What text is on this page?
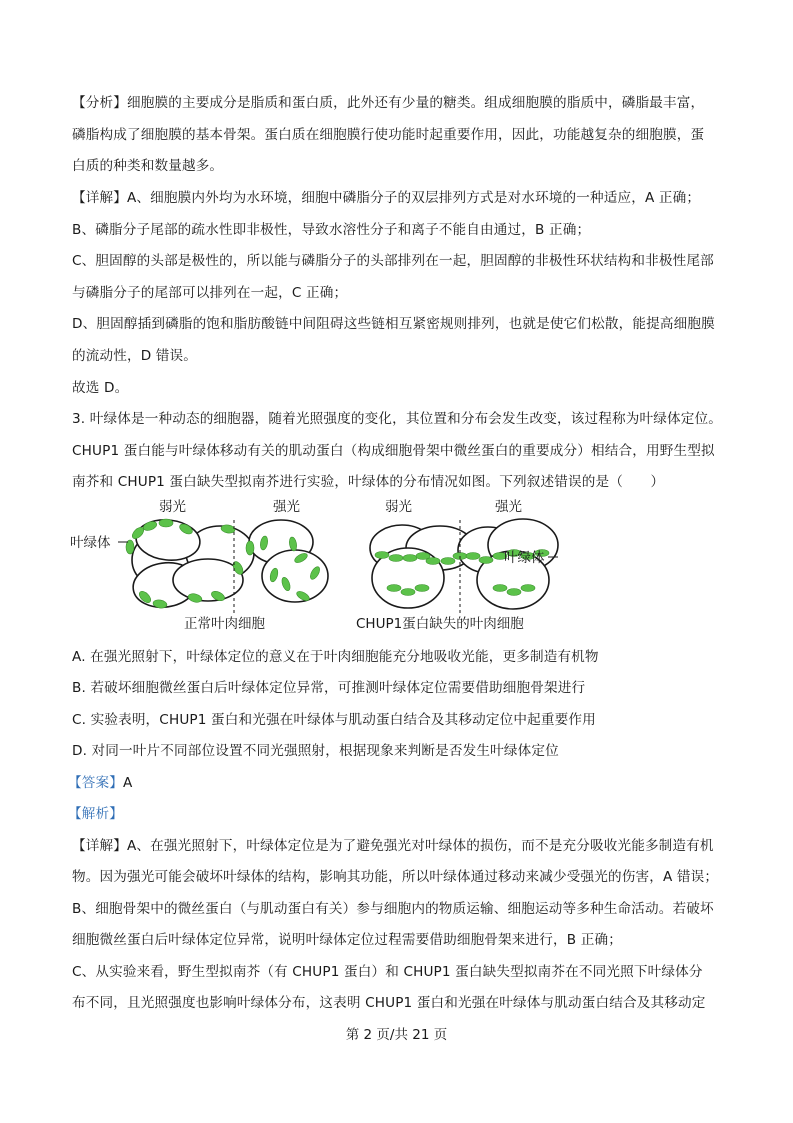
【分析】细胞膜的主要成分是脂质和蛋白质，此外还有少量的糖类。组成细胞膜的脂质中，磷脂最丰富，
磷脂构成了细胞膜的基本骨架。蛋白质在细胞膜行使功能时起重要作用，因此，功能越复杂的细胞膜，蛋
白质的种类和数量越多。
【详解】A、细胞膜内外均为水环境，细胞中磷脂分子的双层排列方式是对水环境的一种适应，A 正确；
B、磷脂分子尾部的疏水性即非极性，导致水溶性分子和离子不能自由通过，B 正确；
C、胆固醇的头部是极性的，所以能与磷脂分子的头部排列在一起，胆固醇的非极性环状结构和非极性尾部
与磷脂分子的尾部可以排列在一起，C 正确；
D、胆固醇插到磷脂的饱和脂肪酸链中间阻碍这些链相互紧密规则排列，也就是使它们松散，能提高细胞膜
的流动性，D 错误。
故选 D。
3. 叶绿体是一种动态的细胞器，随着光照强度的变化，其位置和分布会发生改变，该过程称为叶绿体定位。
CHUP1 蛋白能与叶绿体移动有关的肌动蛋白（构成细胞骨架中微丝蛋白的重要成分）相结合，用野生型拟
南芥和 CHUP1 蛋白缺失型拟南芥进行实验，叶绿体的分布情况如图。下列叙述错误的是（　　）
弱光	强光	弱光	强光
叶绿体
正常叶肉细胞	CHUP1蛋白缺失的叶肉细胞
叶绿体
A. 在强光照射下，叶绿体定位的意义在于叶肉细胞能充分地吸收光能，更多制造有机物
B. 若破坏细胞微丝蛋白后叶绿体定位异常，可推测叶绿体定位需要借助细胞骨架进行
C. 实验表明，CHUP1 蛋白和光强在叶绿体与肌动蛋白结合及其移动定位中起重要作用
D. 对同一叶片不同部位设置不同光强照射，根据现象来判断是否发生叶绿体定位
【答案】A
【解析】
【详解】A、在强光照射下，叶绿体定位是为了避免强光对叶绿体的损伤，而不是充分吸收光能多制造有机
物。因为强光可能会破坏叶绿体的结构，影响其功能，所以叶绿体通过移动来减少受强光的伤害，A 错误；
B、细胞骨架中的微丝蛋白（与肌动蛋白有关）参与细胞内的物质运输、细胞运动等多种生命活动。若破坏
细胞微丝蛋白后叶绿体定位异常，说明叶绿体定位过程需要借助细胞骨架来进行，B 正确；
C、从实验来看，野生型拟南芥（有 CHUP1 蛋白）和 CHUP1 蛋白缺失型拟南芥在不同光照下叶绿体分
布不同，且光照强度也影响叶绿体分布，这表明 CHUP1 蛋白和光强在叶绿体与肌动蛋白结合及其移动定
第 2 页/共 21 页
